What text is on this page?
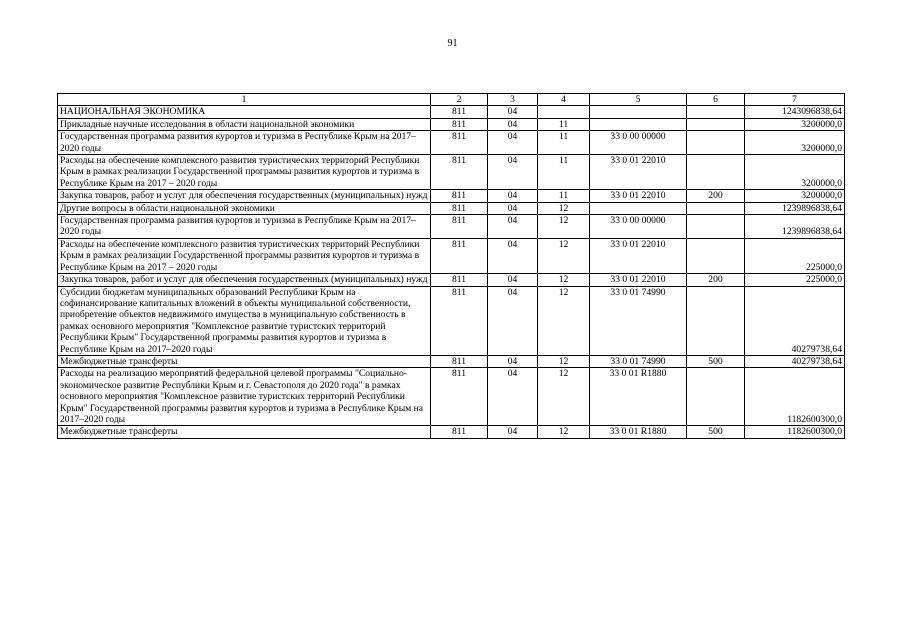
91
1	2	3	4	5	6	7
НАЦИОНАЛЬНАЯ ЭКОНОМИКА	811	04				1243096838,64
Прикладные научные исследования в области национальной экономики	811	04	11			3200000,0
Государственная программа развития курортов и туризма в Республике Крым на 2017–2020 годы	811	04	11	33 0 00 00000		3200000,0
Расходы на обеспечение комплексного развития туристических территорий Республики Крым в рамках реализации Государственной программы развития курортов и туризма в Республике Крым на 2017 – 2020 годы	811	04	11	33 0 01 22010		3200000,0
Закупка товаров, работ и услуг для обеспечения государственных (муниципальных) нужд	811	04	11	33 0 01 22010	200	3200000,0
Другие вопросы в области национальной экономики	811	04	12			1239896838,64
Государственная программа развития курортов и туризма в Республике Крым на 2017–2020 годы	811	04	12	33 0 00 00000		1239896838,64
Расходы на обеспечение комплексного развития туристических территорий Республики Крым в рамках реализации Государственной программы развития курортов и туризма в Республике Крым на 2017 – 2020 годы	811	04	12	33 0 01 22010		225000,0
Закупка товаров, работ и услуг для обеспечения государственных (муниципальных) нужд	811	04	12	33 0 01 22010	200	225000,0
Субсидии бюджетам муниципальных образований Республики Крым на софинансирование капитальных вложений в объекты муниципальной собственности, приобретение объектов недвижимого имущества в муниципальную собственность в рамках основного мероприятия "Комплексное развитие туристских территорий Республики Крым" Государственной программы развития курортов и туризма в Республике Крым на 2017–2020 годы	811	04	12	33 0 01 74990		40279738,64
Межбюджетные трансферты	811	04	12	33 0 01 74990	500	40279738,64
Расходы на реализацию мероприятий федеральной целевой программы "Социально-экономическое развитие Республики Крым и г. Севастополя до 2020 года" в рамках основного мероприятия "Комплексное развитие туристских территорий Республики Крым" Государственной программы развития курортов и туризма в Республике Крым на 2017–2020 годы	811	04	12	33 0 01 R1880		1182600300,0
Межбюджетные трансферты	811	04	12	33 0 01 R1880	500	1182600300,0
